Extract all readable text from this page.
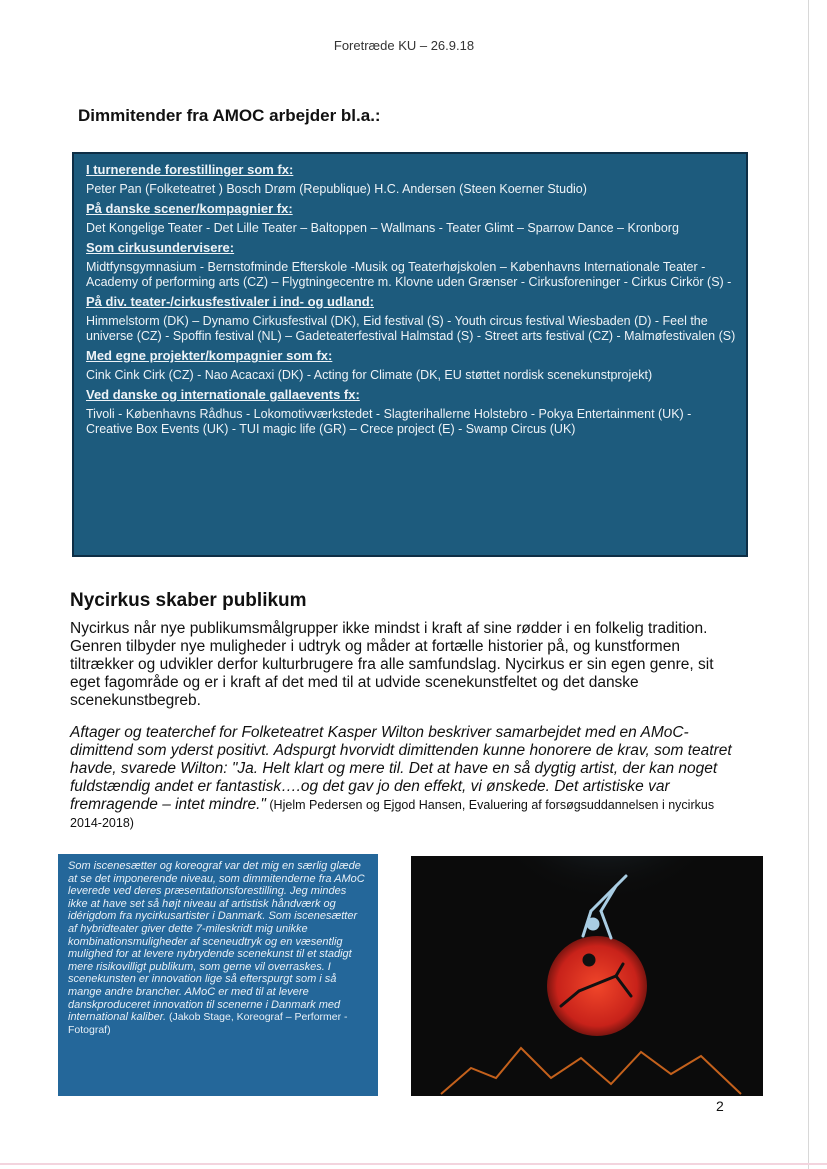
Foretræde KU – 26.9.18
Dimmitender fra AMOC arbejder bl.a.:
I turnerende forestillinger som fx:
Peter Pan (Folketeatret ) Bosch Drøm (Republique) H.C. Andersen (Steen Koerner Studio)
På danske scener/kompagnier fx:
Det Kongelige Teater - Det Lille Teater – Baltoppen – Wallmans - Teater Glimt – Sparrow Dance – Kronborg
Som cirkusundervisere:
Midtfynsgymnasium - Bernstofminde Efterskole -Musik og Teaterhøjskolen – Københavns Internationale Teater - Academy of performing arts (CZ) – Flygtningecentre m. Klovne uden Grænser - Cirkusforeninger - Cirkus Cirkör (S) -
På div. teater-/cirkusfestivaler i ind- og udland:
Himmelstorm (DK) – Dynamo Cirkusfestival (DK), Eid festival (S) - Youth circus festival Wiesbaden (D) - Feel the universe (CZ) - Spoffin festival (NL) – Gadeteaterfestival Halmstad (S) - Street arts festival (CZ) - Malmøfestivalen (S)
Med egne projekter/kompagnier som fx:
Cink Cink Cirk (CZ) - Nao Acacaxi (DK) - Acting for Climate (DK, EU støttet nordisk scenekunstprojekt)
Ved danske og internationale gallaevents fx:
Tivoli - Københavns Rådhus - Lokomotivværkstedet - Slagterihallerne Holstebro - Pokya Entertainment (UK) - Creative Box Events (UK) - TUI magic life (GR) – Crece project (E) - Swamp Circus (UK)
Nycirkus skaber publikum
Nycirkus når nye publikumsmålgrupper ikke mindst i kraft af sine rødder i en folkelig tradition. Genren tilbyder nye muligheder i udtryk og måder at fortælle historier på, og kunstformen tiltrækker og udvikler derfor kulturbrugere fra alle samfundslag. Nycirkus er sin egen genre, sit eget fagområde og er i kraft af det med til at udvide scenekunstfeltet og det danske scenekunstbegreb.
Aftager og teaterchef for Folketeatret Kasper Wilton beskriver samarbejdet med en AMoC-dimittend som yderst positivt. Adspurgt hvorvidt dimittenden kunne honorere de krav, som teatret havde, svarede Wilton: "Ja. Helt klart og mere til. Det at have en så dygtig artist, der kan noget fuldstændig andet er fantastisk….og det gav jo den effekt, vi ønskede. Det artistiske var fremragende – intet mindre." (Hjelm Pedersen og Ejgod Hansen, Evaluering af forsøgsuddannelsen i nycirkus 2014-2018)
Som iscenesætter og koreograf var det mig en særlig glæde at se det imponerende niveau, som dimmitenderne fra AMoC leverede ved deres præsentationsforestilling. Jeg mindes ikke at have set så højt niveau af artistisk håndværk og idérigdom fra nycirkusartister i Danmark. Som iscenesætter af hybridteater giver dette 7-mileskridt mig unikke kombinationsmuligheder af sceneudtryk og en væsentlig mulighed for at levere nybrydende scenekunst til et stadigt mere risikovilligt publikum, som gerne vil overraskes. I scenekunsten er innovation lige så efterspurgt som i så mange andre brancher. AMoC er med til at levere danskproduceret innovation til scenerne i Danmark med international kaliber. (Jakob Stage, Koreograf – Performer - Fotograf)
2
